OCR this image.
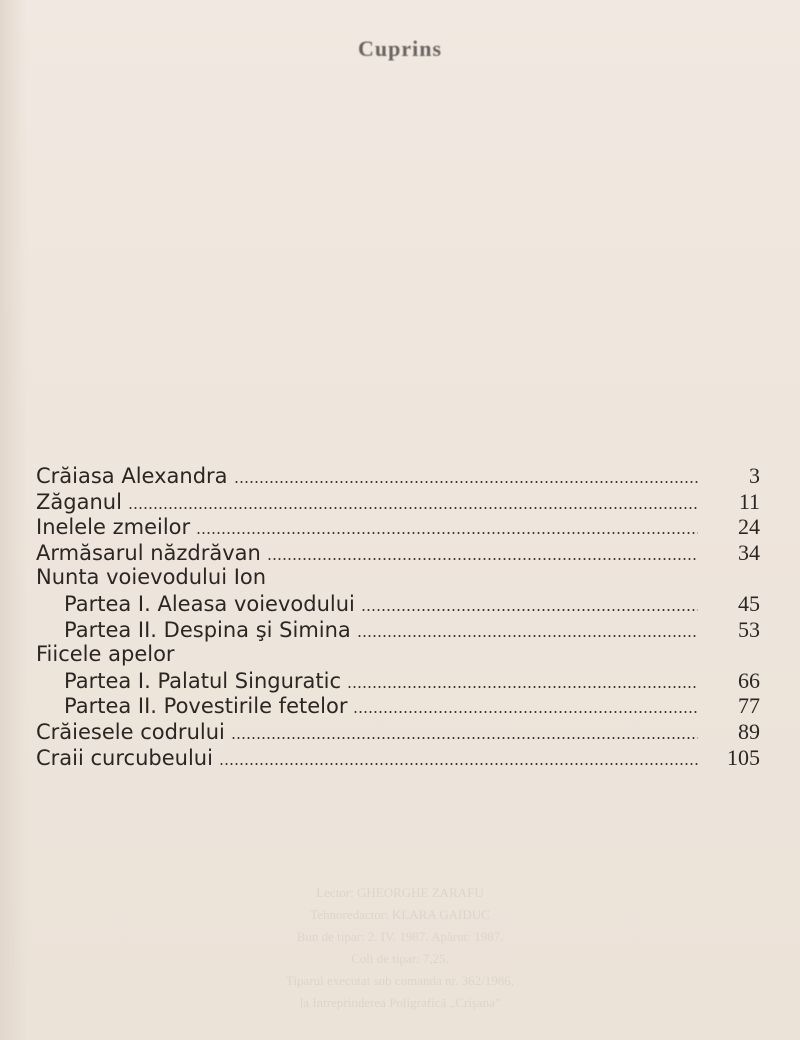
Cuprins
Crăiasa Alexandra	3
Zăganul	11
Inelele zmeilor	24
Armăsarul năzdrăvan	34
Nunta voievodului Ion
Partea I. Aleasa voievodului	45
Partea II. Despina şi Simina	53
Fiicele apelor
Partea I. Palatul Singuratic	66
Partea II. Povestirile fetelor	77
Crăiesele codrului	89
Craii curcubeului	105
Lector: GHEORGHE ZARAFU
Tehnoredactor: KLARA GAIDUC
Bun de tipar: 2. IV. 1987. Apărut: 1987.
Coli de tipar: 7,25.
Tiparul executat sub comanda nr. 362/1986,
la Intreprinderea Poligrafică „Crişana"
